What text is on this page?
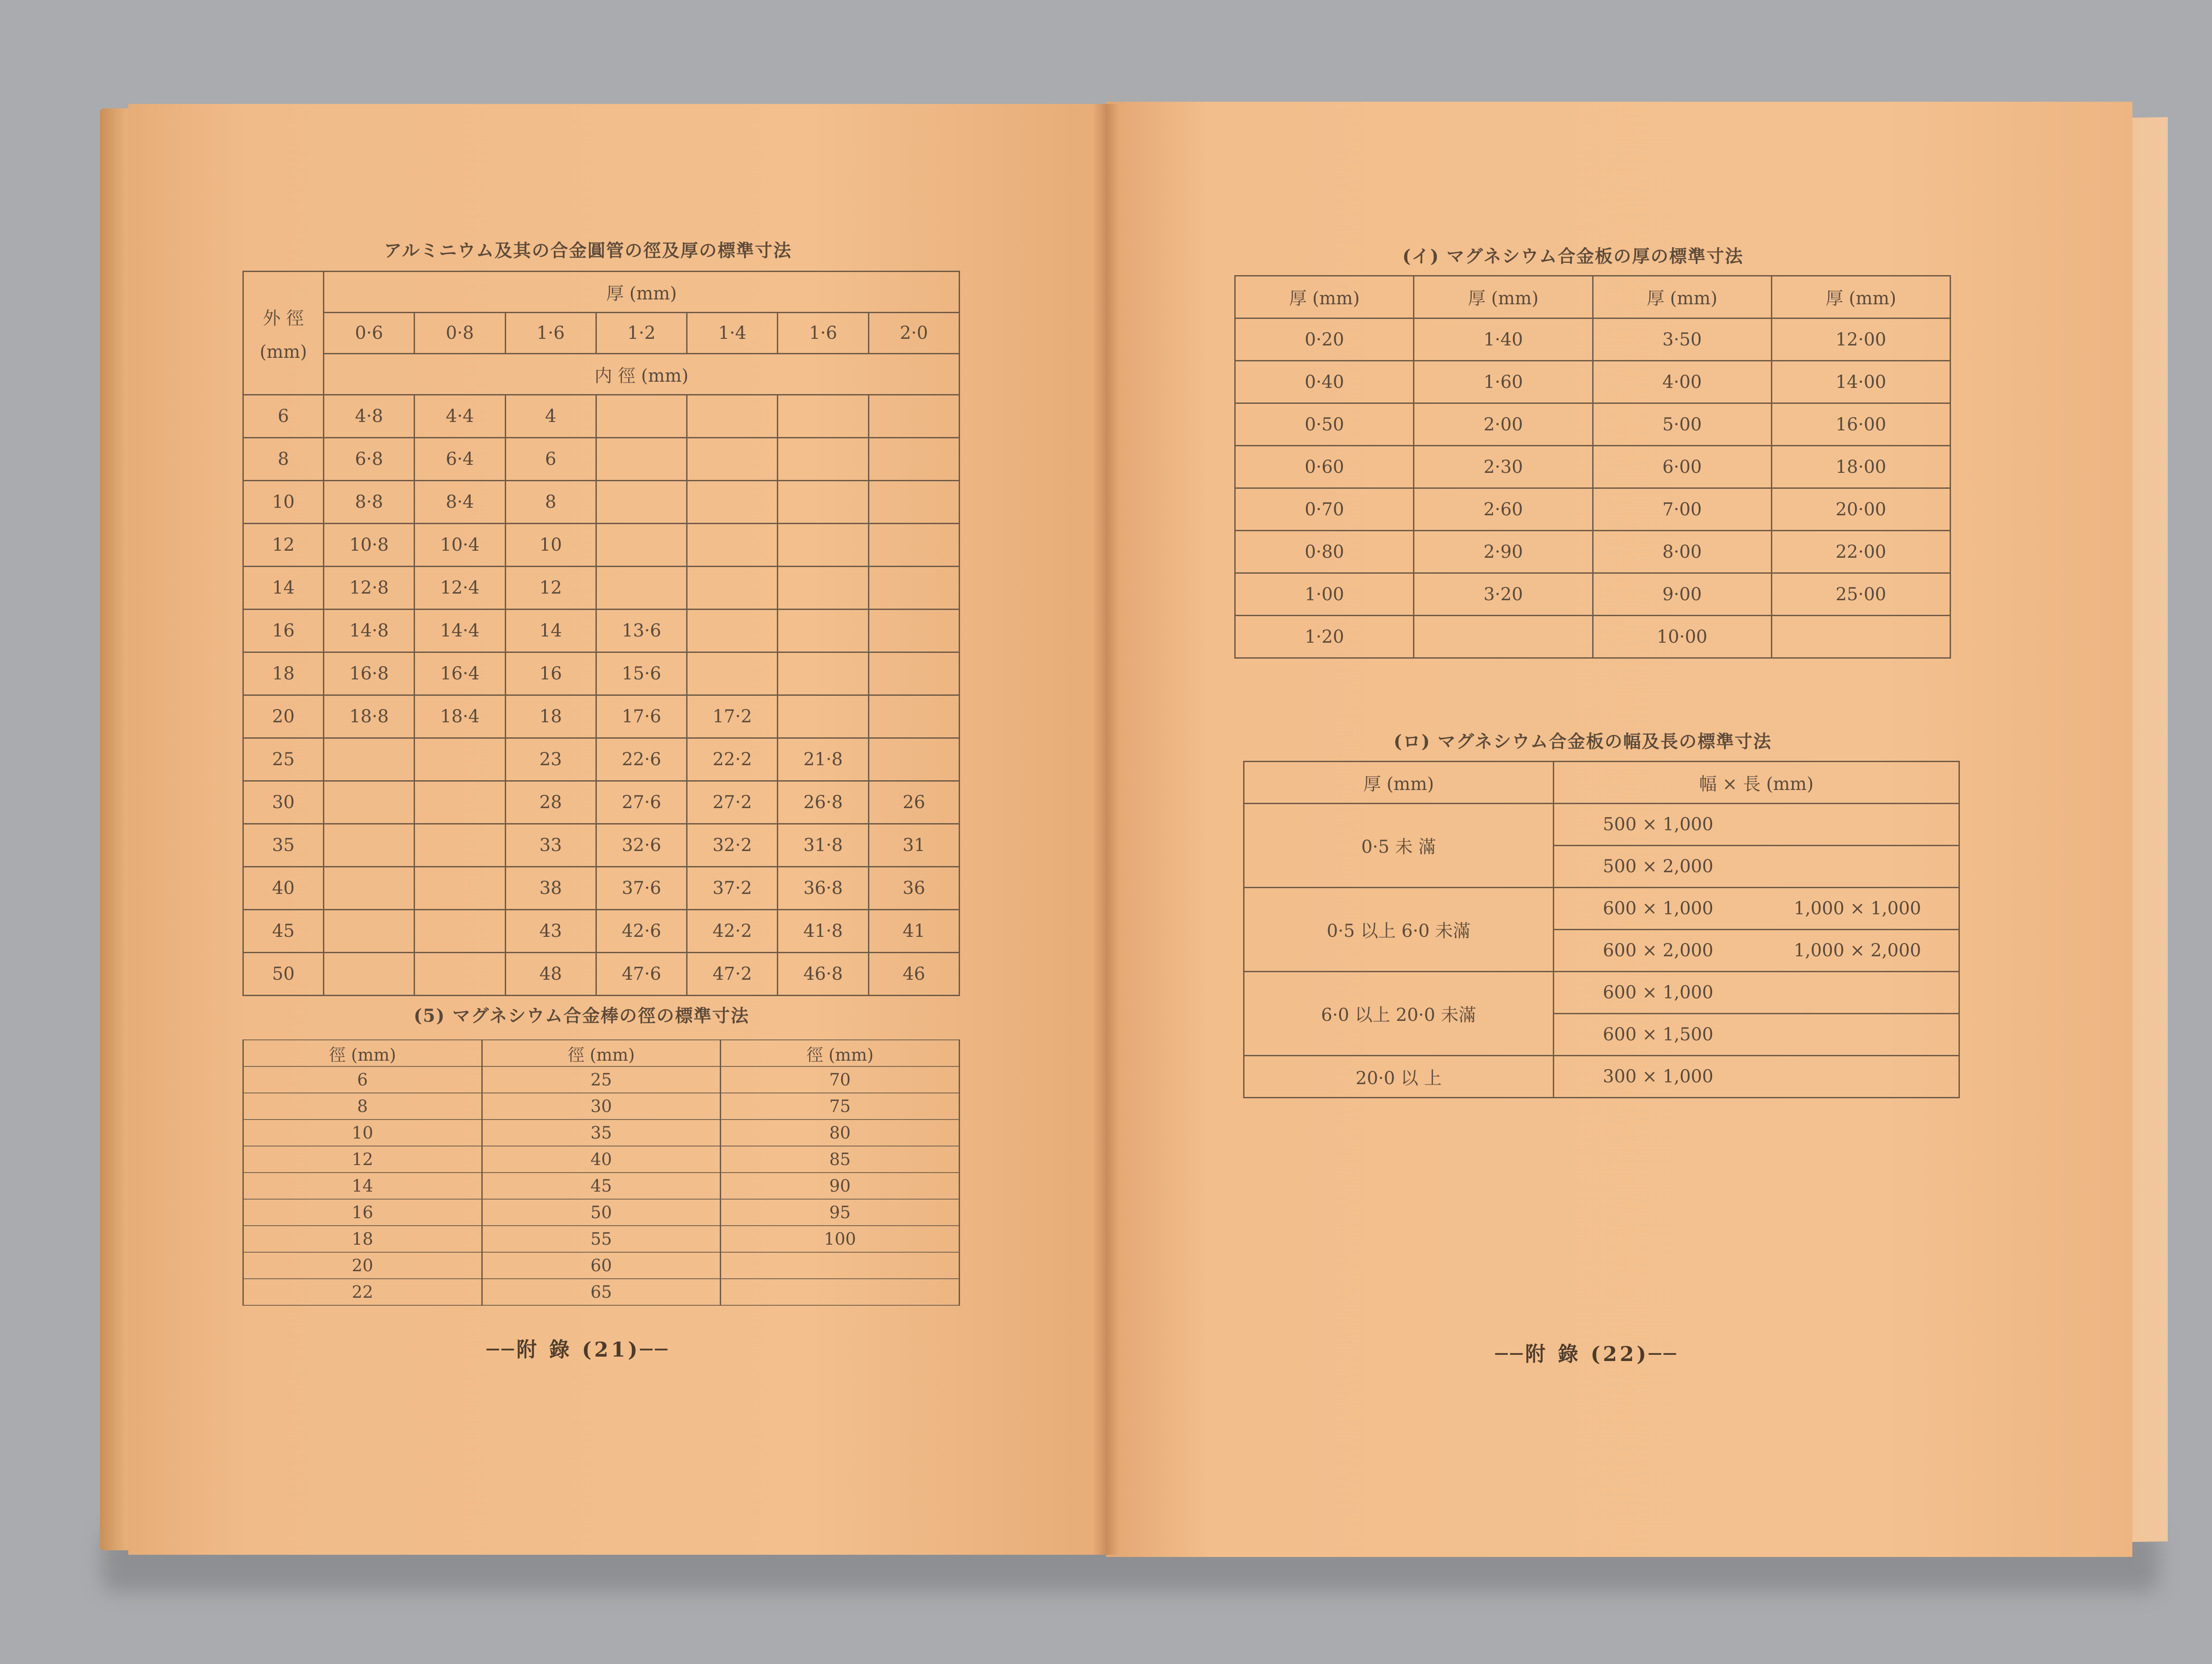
アルミニウム及其の合金圓管の徑及厚の標準寸法
外 徑
(mm)	厚 (mm)						
	0·6	0·8	1·6	1·2	1·4	1·6	2·0
	内 徑 (mm)						
6	4·8	4·4	4				
8	6·8	6·4	6				
10	8·8	8·4	8				
12	10·8	10·4	10				
14	12·8	12·4	12				
16	14·8	14·4	14	13·6			
18	16·8	16·4	16	15·6			
20	18·8	18·4	18	17·6	17·2		
25			23	22·6	22·2	21·8	
30			28	27·6	27·2	26·8	26
35			33	32·6	32·2	31·8	31
40			38	37·6	37·2	36·8	36
45			43	42·6	42·2	41·8	41
50			48	47·6	47·2	46·8	46
(5) マグネシウム合金棒の徑の標準寸法
徑 (mm)	徑 (mm)	徑 (mm)
6	25	70
8	30	75
10	35	80
12	40	85
14	45	90
16	50	95
18	55	100
20	60	
22	65	
──附 錄 (21)──
(イ) マグネシウム合金板の厚の標準寸法
厚 (mm)	厚 (mm)	厚 (mm)	厚 (mm)
0·20	1·40	3·50	12·00
0·40	1·60	4·00	14·00
0·50	2·00	5·00	16·00
0·60	2·30	6·00	18·00
0·70	2·60	7·00	20·00
0·80	2·90	8·00	22·00
1·00	3·20	9·00	25·00
1·20		10·00	
(ロ) マグネシウム合金板の幅及長の標準寸法
厚 (mm)	幅 × 長 (mm)	
0·5 未 滿	500 × 1,000	
	500 × 2,000	
0·5 以上 6·0 未滿	600 × 1,000	1,000 × 1,000
	600 × 2,000	1,000 × 2,000
6·0 以上 20·0 未滿	600 × 1,000	
	600 × 1,500	
20·0 以 上	300 × 1,000	
──附 錄 (22)──
